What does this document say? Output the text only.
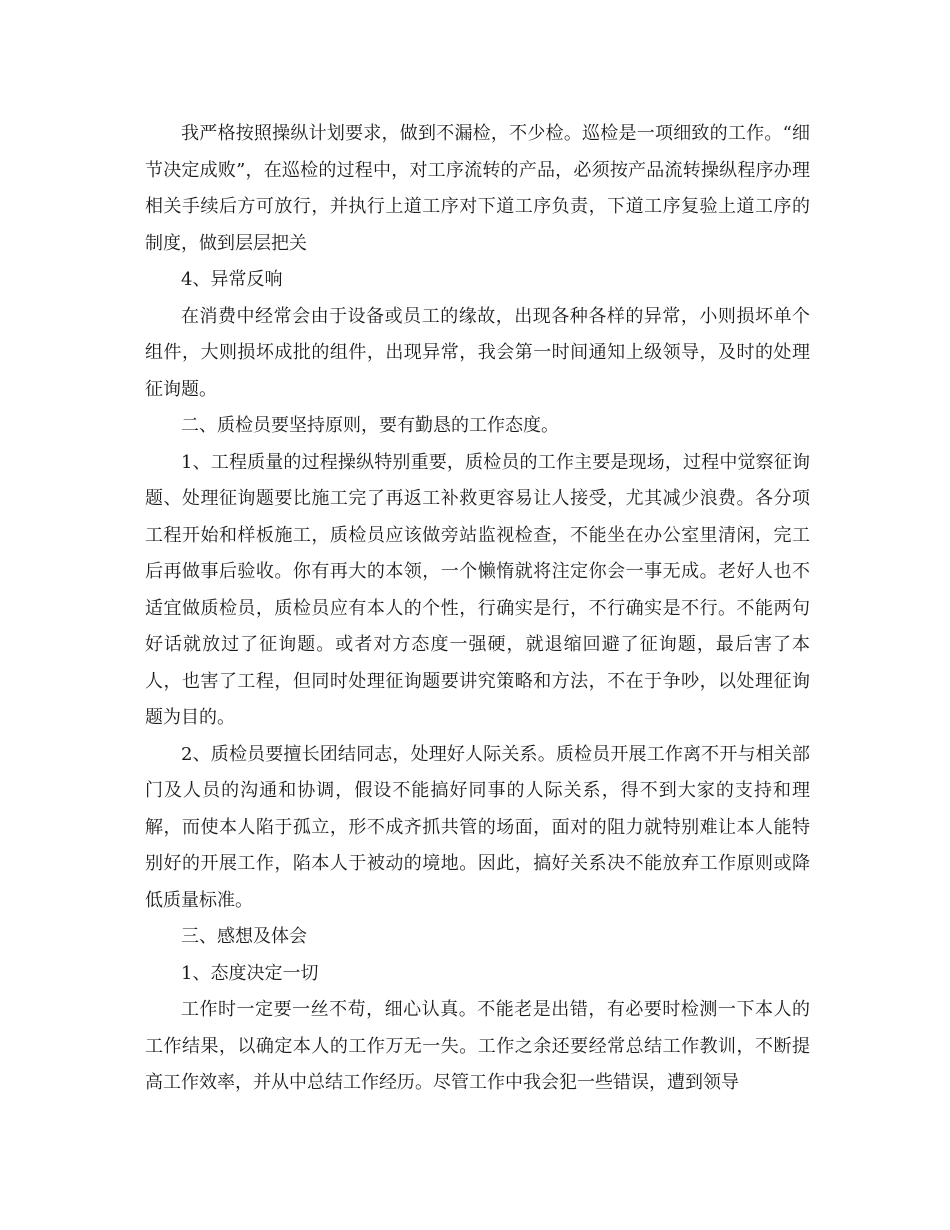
我严格按照操纵计划要求，做到不漏检，不少检。巡检是一项细致的工作。“细节决定成败”，在巡检的过程中，对工序流转的产品，必须按产品流转操纵程序办理相关手续后方可放行，并执行上道工序对下道工序负责，下道工序复验上道工序的制度，做到层层把关

4、异常反响

在消费中经常会由于设备或员工的缘故，出现各种各样的异常，小则损坏单个组件，大则损坏成批的组件，出现异常，我会第一时间通知上级领导，及时的处理征询题。

二、质检员要坚持原则，要有勤恳的工作态度。

1、工程质量的过程操纵特别重要，质检员的工作主要是现场，过程中觉察征询题、处理征询题要比施工完了再返工补救更容易让人接受，尤其减少浪费。各分项工程开始和样板施工，质检员应该做旁站监视检查，不能坐在办公室里清闲，完工后再做事后验收。你有再大的本领，一个懒惰就将注定你会一事无成。老好人也不适宜做质检员，质检员应有本人的个性，行确实是行，不行确实是不行。不能两句好话就放过了征询题。或者对方态度一强硬，就退缩回避了征询题，最后害了本人，也害了工程，但同时处理征询题要讲究策略和方法，不在于争吵，以处理征询题为目的。

2、质检员要擅长团结同志，处理好人际关系。质检员开展工作离不开与相关部门及人员的沟通和协调，假设不能搞好同事的人际关系，得不到大家的支持和理解，而使本人陷于孤立，形不成齐抓共管的场面，面对的阻力就特别难让本人能特别好的开展工作，陷本人于被动的境地。因此，搞好关系决不能放弃工作原则或降低质量标准。

三、感想及体会

1、态度决定一切

工作时一定要一丝不苟，细心认真。不能老是出错，有必要时检测一下本人的工作结果，以确定本人的工作万无一失。工作之余还要经常总结工作教训，不断提高工作效率，并从中总结工作经历。尽管工作中我会犯一些错误，遭到领导
